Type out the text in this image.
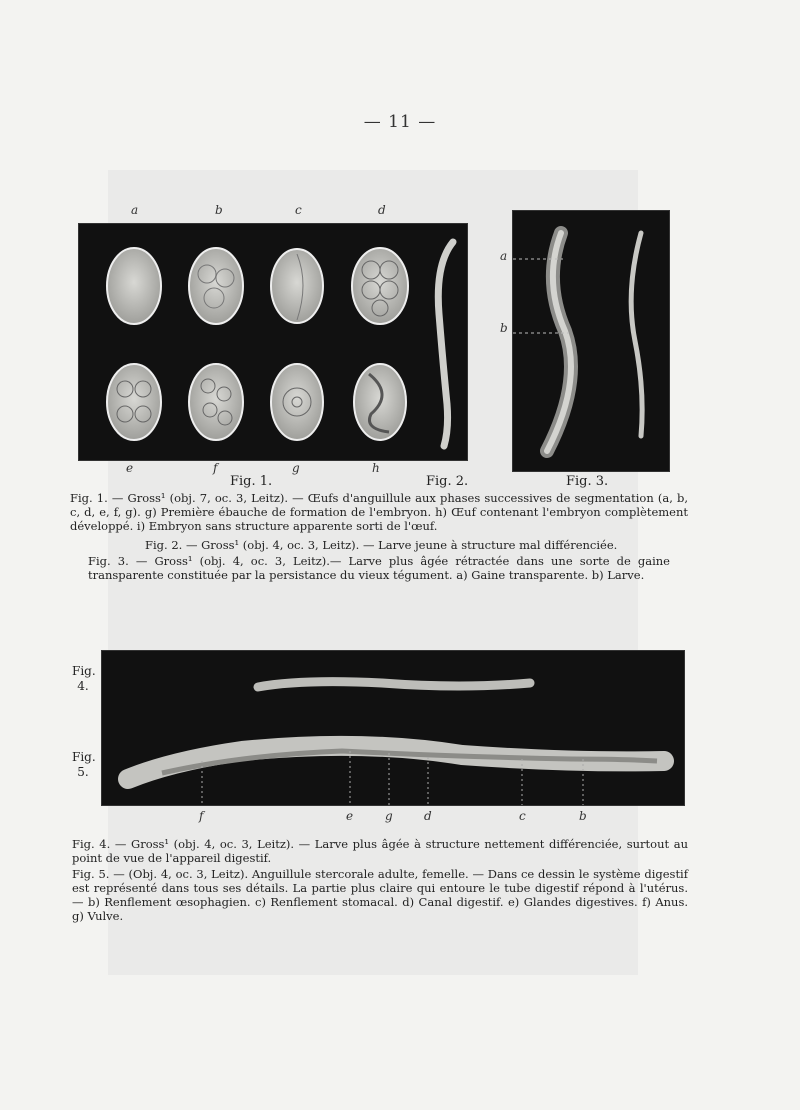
— 11 —
a	b	c	d
e	f	g	h
Fig. 1.	Fig. 2.
a
b
Fig. 3.
Fig. 1. — Gross¹ (obj. 7, oc. 3, Leitz). — Œufs d'anguillule aux phases successives de segmentation (a, b, c, d, e, f, g). g) Première ébauche de formation de l'embryon. h) Œuf contenant l'embryon complètement développé. i) Embryon sans structure apparente sorti de l'œuf.
Fig. 2. — Gross¹ (obj. 4, oc. 3, Leitz). — Larve jeune à structure mal différenciée.
Fig. 3. — Gross¹ (obj. 4, oc. 3, Leitz).— Larve plus âgée rétractée dans une sorte de gaine transparente constituée par la persistance du vieux tégument. a) Gaine transparente. b) Larve.
Fig. 4.
Fig. 5.
f	e	g	d	c	b
Fig. 4. — Gross¹ (obj. 4, oc. 3, Leitz). — Larve plus âgée à structure nettement différenciée, surtout au point de vue de l'appareil digestif.
Fig. 5. — (Obj. 4, oc. 3, Leitz). Anguillule stercorale adulte, femelle. — Dans ce dessin le système digestif est représenté dans tous ses détails. La partie plus claire qui entoure le tube digestif répond à l'utérus. — b) Renflement œsophagien. c) Renflement stomacal. d) Canal digestif. e) Glandes digestives. f) Anus. g) Vulve.
